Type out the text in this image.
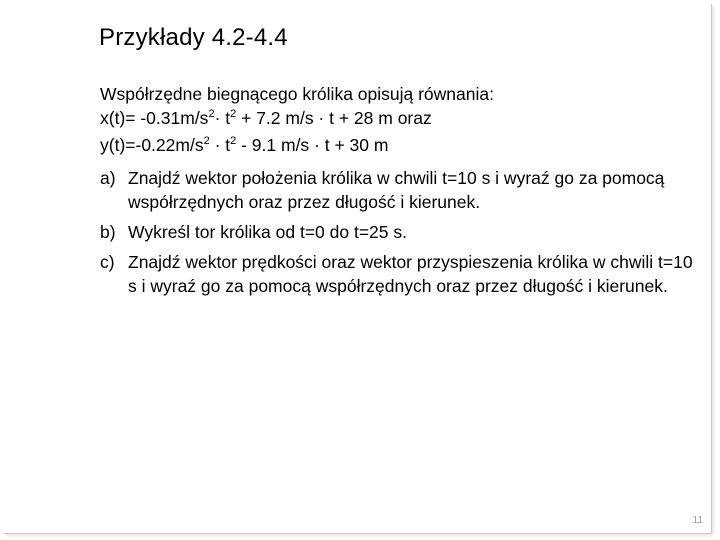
Przykłady 4.2-4.4
Współrzędne biegnącego królika opisują równania:
$x(t)= -0.31m/s^2\cdot t^2 + 7.2$ m/s · t + 28 m oraz
$y(t)=-0.22m/s^2 \cdot t^2 - 9.1$ m/s · t + 30 m
a) Znajdź wektor położenia królika w chwili t=10 s i wyraź go za pomocą współrzędnych oraz przez długość i kierunek.
b) Wykreśl tor królika od t=0 do t=25 s.
c) Znajdź wektor prędkości oraz wektor przyspieszenia królika w chwili t=10 s i wyraź go za pomocą współrzędnych oraz przez długość i kierunek.
11
